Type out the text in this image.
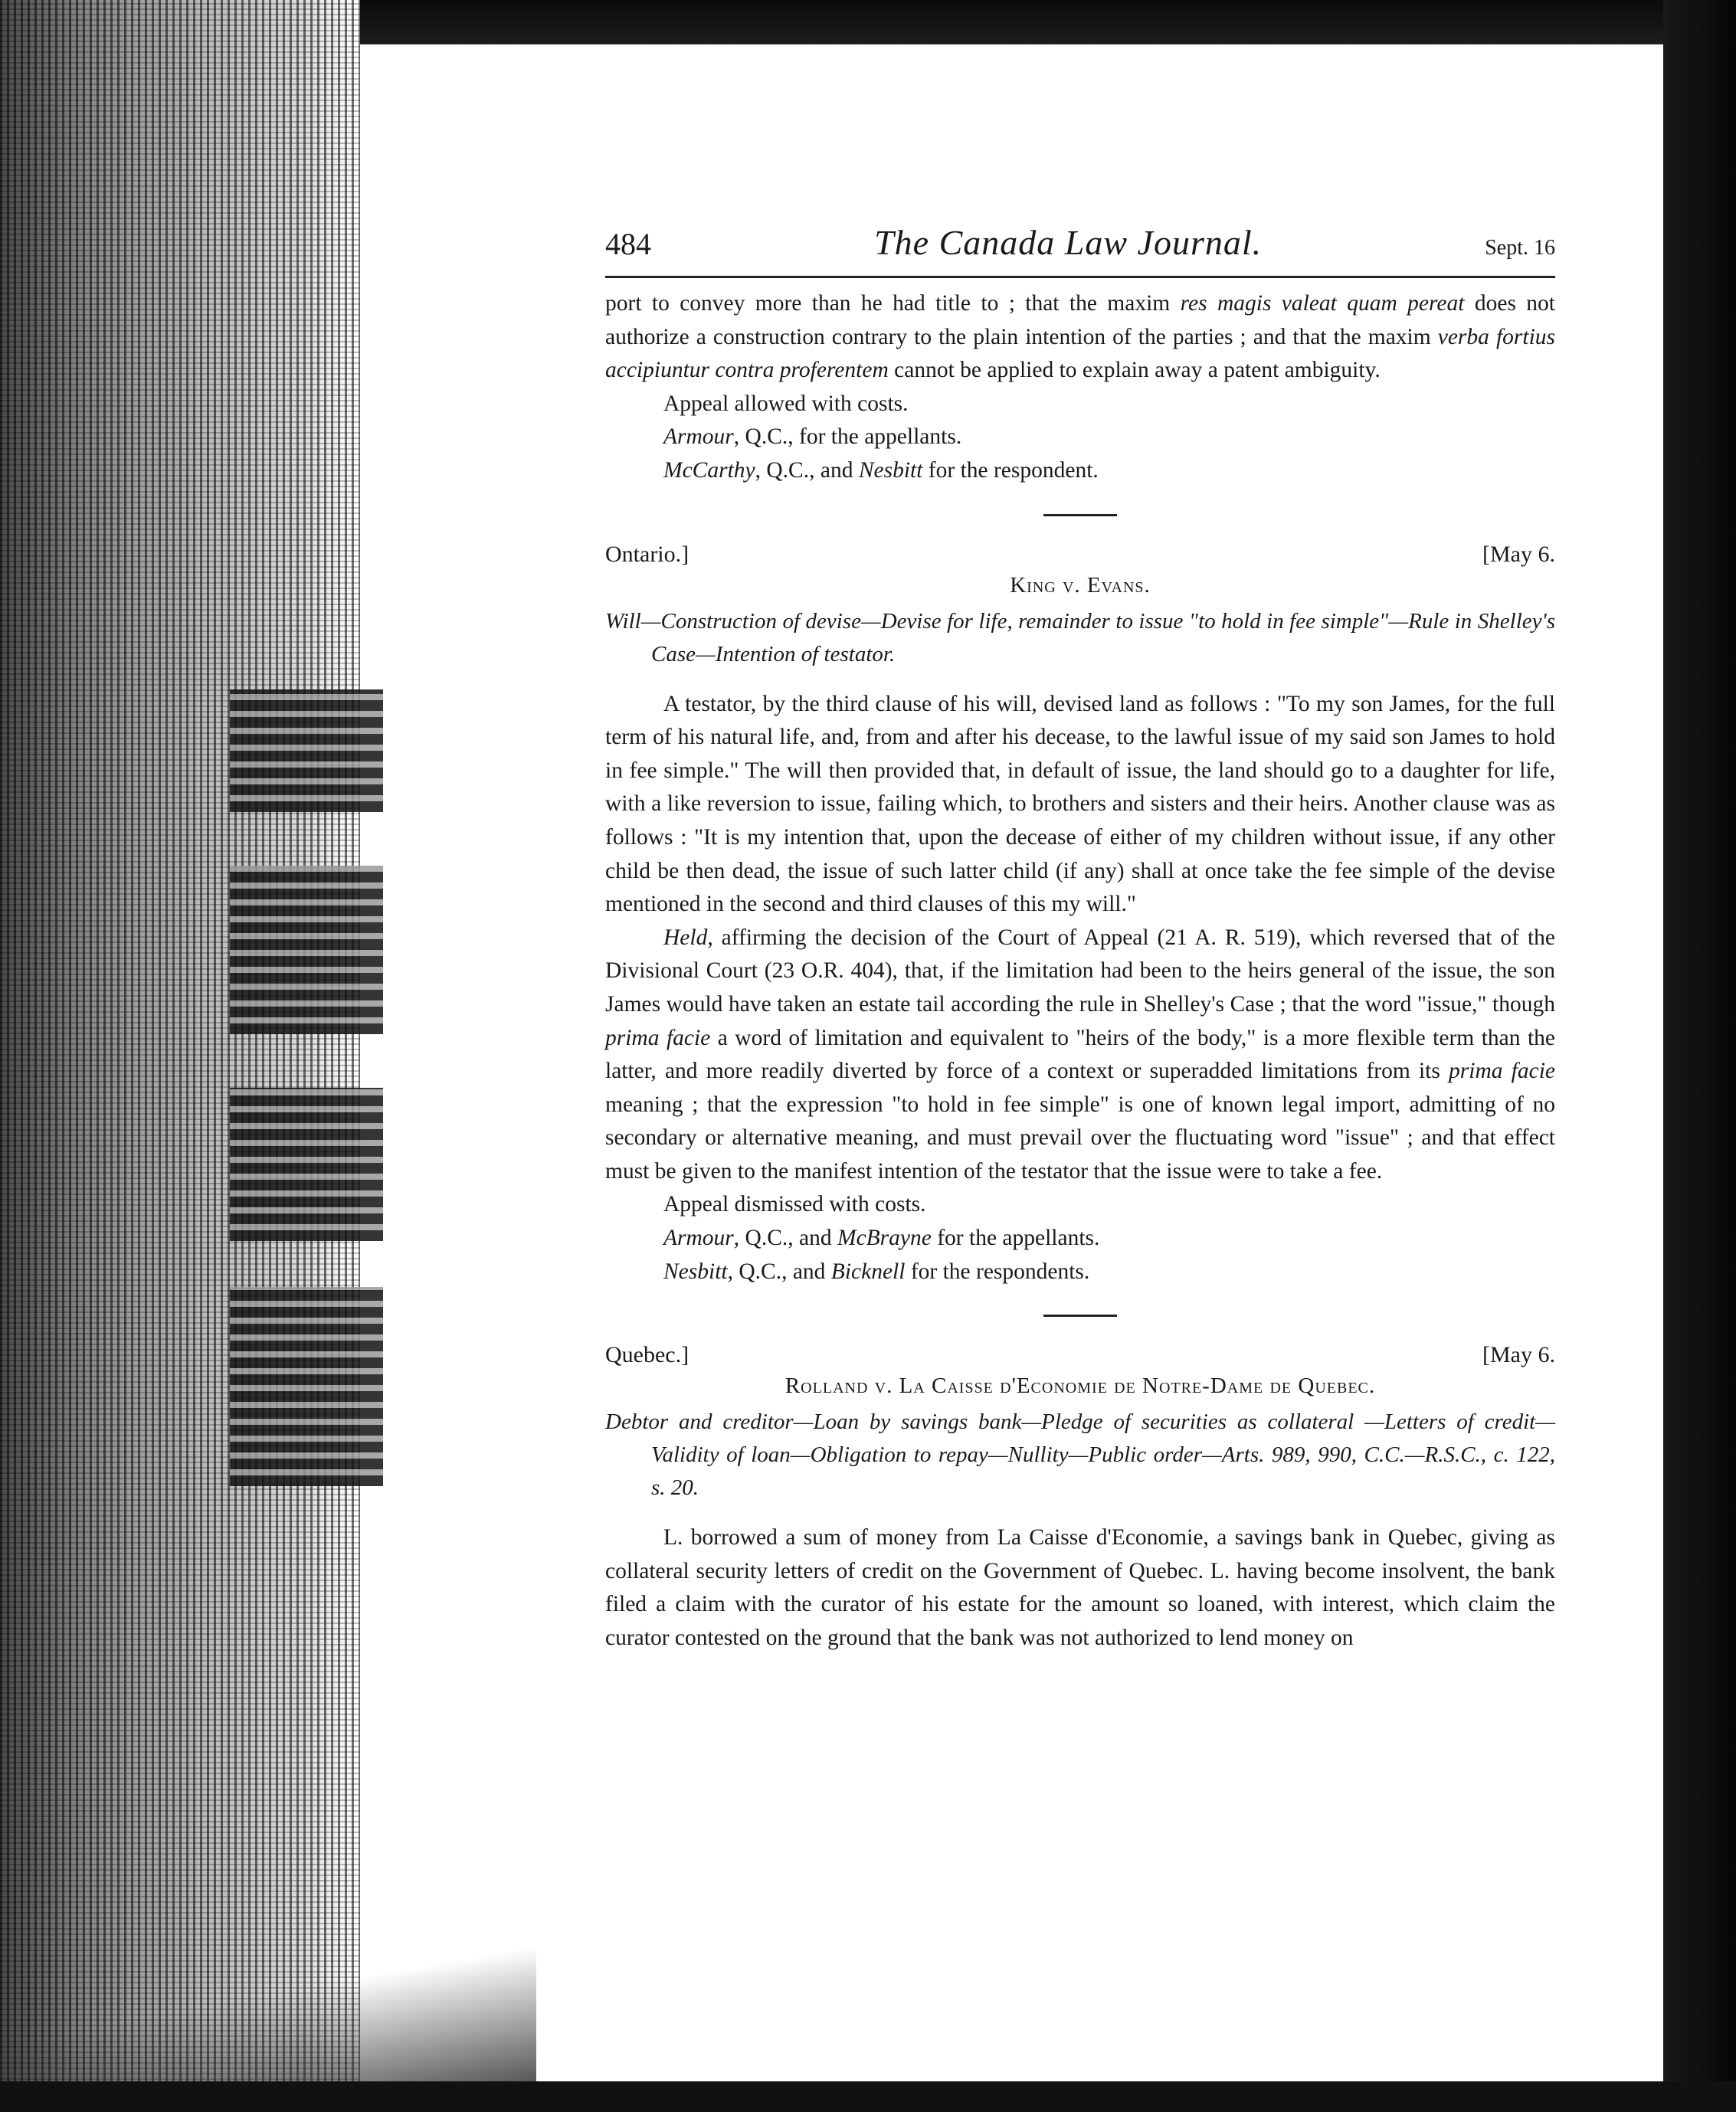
484	The Canada Law Journal.	Sept. 16

port to convey more than he had title to ; that the maxim res magis valeat quam pereat does not authorize a construction contrary to the plain intention of the parties ; and that the maxim verba fortius accipiuntur contra proferentem cannot be applied to explain away a patent ambiguity.

Appeal allowed with costs.

Armour, Q.C., for the appellants.

McCarthy, Q.C., and Nesbitt for the respondent.

Ontario.]	[May 6.
King v. Evans.

Will—Construction of devise—Devise for life, remainder to issue "to hold in fee simple"—Rule in Shelley's Case—Intention of testator.

A testator, by the third clause of his will, devised land as follows : "To my son James, for the full term of his natural life, and, from and after his decease, to the lawful issue of my said son James to hold in fee simple." The will then provided that, in default of issue, the land should go to a daughter for life, with a like reversion to issue, failing which, to brothers and sisters and their heirs. Another clause was as follows : "It is my intention that, upon the decease of either of my children without issue, if any other child be then dead, the issue of such latter child (if any) shall at once take the fee simple of the devise mentioned in the second and third clauses of this my will."

Held, affirming the decision of the Court of Appeal (21 A. R. 519), which reversed that of the Divisional Court (23 O.R. 404), that, if the limitation had been to the heirs general of the issue, the son James would have taken an estate tail according the rule in Shelley's Case ; that the word "issue," though prima facie a word of limitation and equivalent to "heirs of the body," is a more flexible term than the latter, and more readily diverted by force of a context or superadded limitations from its prima facie meaning ; that the expression "to hold in fee simple" is one of known legal import, admitting of no secondary or alternative meaning, and must prevail over the fluctuating word "issue" ; and that effect must be given to the manifest intention of the testator that the issue were to take a fee.

Appeal dismissed with costs.

Armour, Q.C., and McBrayne for the appellants.

Nesbitt, Q.C., and Bicknell for the respondents.

Quebec.]	[May 6.
Rolland v. La Caisse d'Economie de Notre-Dame de Quebec.

Debtor and creditor—Loan by savings bank—Pledge of securities as collateral —Letters of credit—Validity of loan—Obligation to repay—Nullity—Public order—Arts. 989, 990, C.C.—R.S.C., c. 122, s. 20.

L. borrowed a sum of money from La Caisse d'Economie, a savings bank in Quebec, giving as collateral security letters of credit on the Government of Quebec. L. having become insolvent, the bank filed a claim with the curator of his estate for the amount so loaned, with interest, which claim the curator contested on the ground that the bank was not authorized to lend money on
